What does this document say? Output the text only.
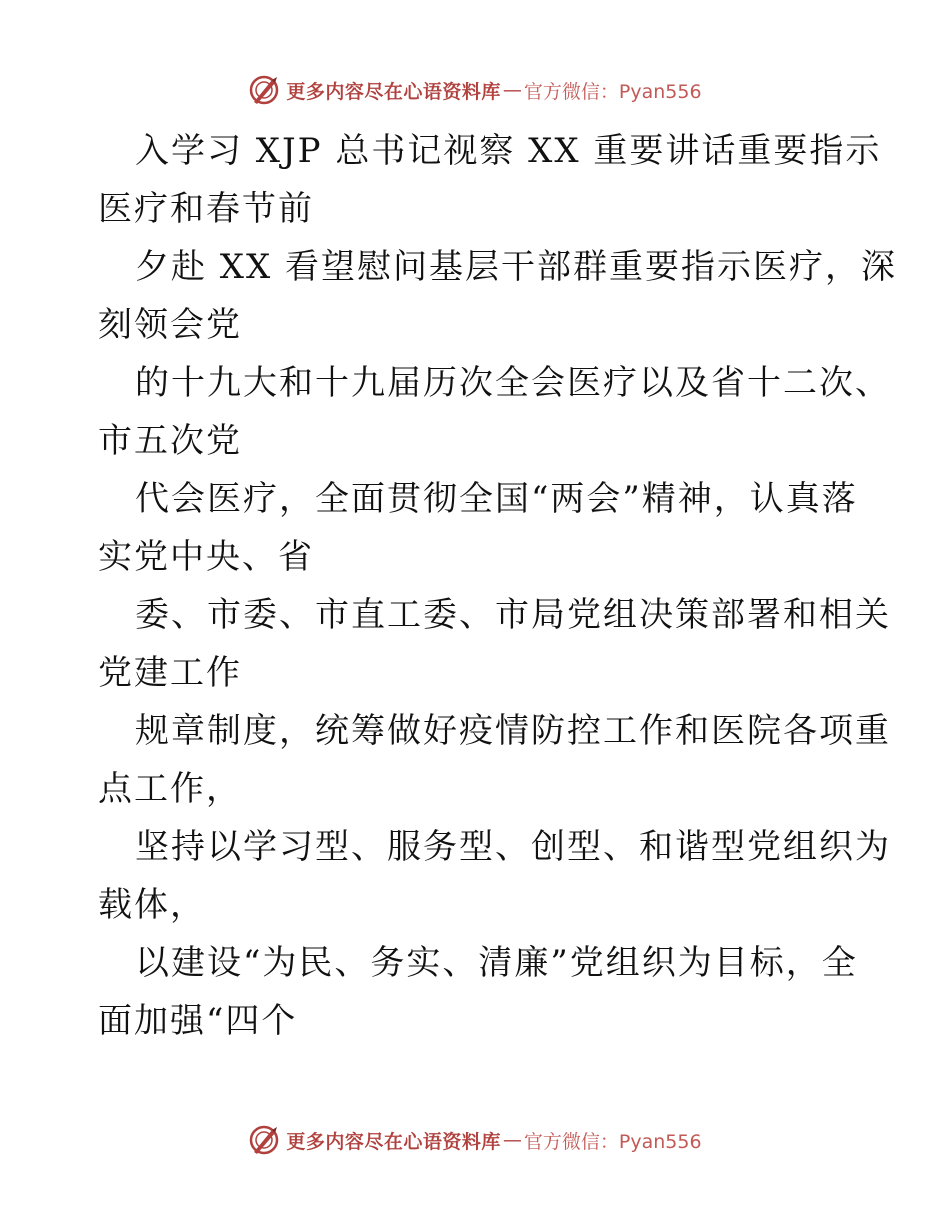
更多内容尽在心语资料库 — 官方微信：Pyan556

入学习 XJP 总书记视察 XX 重要讲话重要指示
医疗和春节前

夕赴 XX 看望慰问基层干部群重要指示医疗，深
刻领会党

的十九大和十九届历次全会医疗以及省十二次、
市五次党

代会医疗，全面贯彻全国“两会”精神，认真落
实党中央、省

委、市委、市直工委、市局党组决策部署和相关
党建工作

规章制度，统筹做好疫情防控工作和医院各项重
点工作，

坚持以学习型、服务型、创型、和谐型党组织为
载体，

以建设“为民、务实、清廉”党组织为目标，全
面加强“四个

更多内容尽在心语资料库 — 官方微信：Pyan556
